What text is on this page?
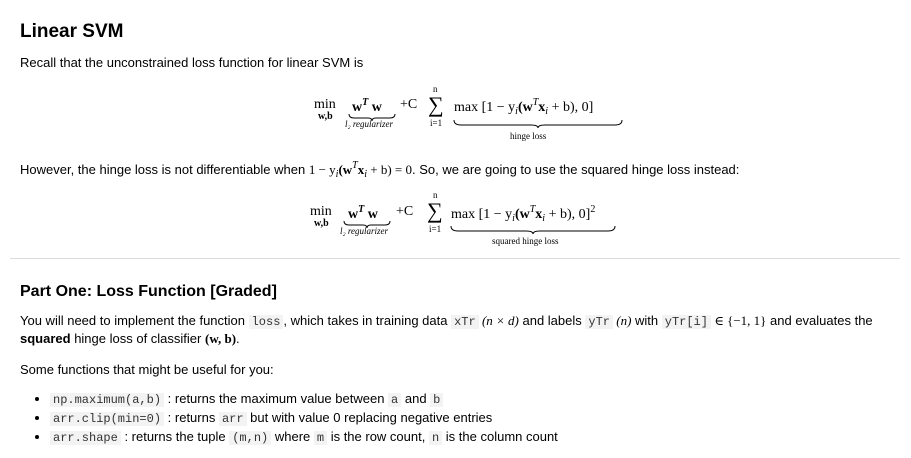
Linear SVM
Recall that the unconstrained loss function for linear SVM is
min
w,b
$w^T$ w
l₂ regularizer
+C
n
∑
i=1
$\max [1 - y_i(w^Tx_i + b)$, 0]
hinge loss
However, the hinge loss is not differentiable when $1 - y_i(w^Tx_i + b) = 0$. So, we are going to use the squared hinge loss instead:
min
w,b
$w^T$ w
l₂ regularizer
+C
n
∑
i=1
$\max [1 - y_i(w^Tx_i + b)$, 0]$^2$
squared hinge loss
Part One: Loss Function [Graded]
You will need to implement the function loss , which takes in training data xTr (n × d) and labels yTr (n) with yTr[i] ∈ {−1, 1} and evaluates the
squared hinge loss of classifier (w, b).
Some functions that might be useful for you:
• np.maximum(a,b) : returns the maximum value between a and b
• arr.clip(min=0) : returns arr but with value 0 replacing negative entries
• arr.shape : returns the tuple (m,n) where m is the row count, n is the column count
